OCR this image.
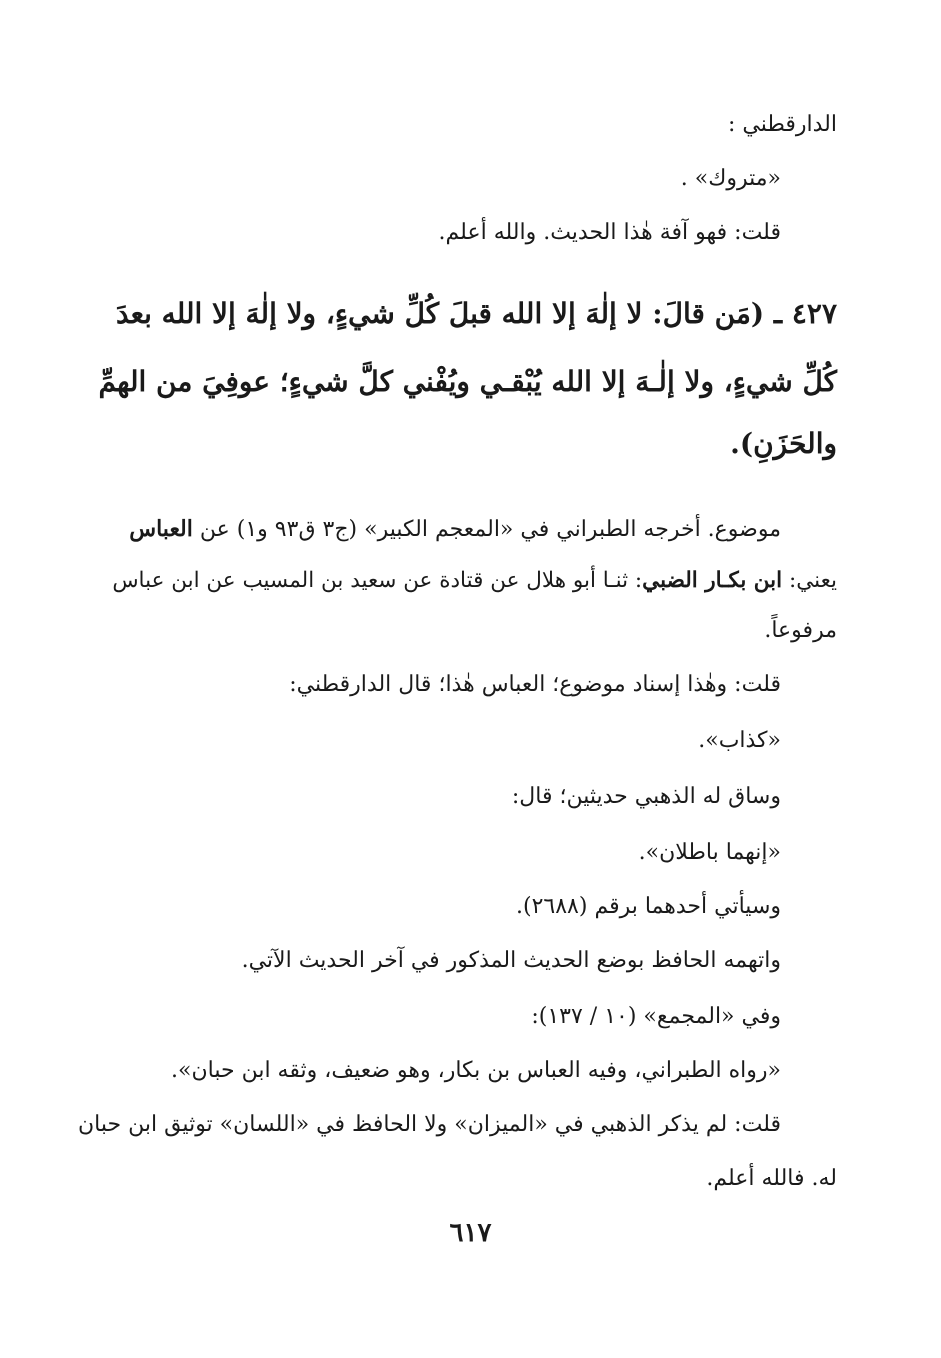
الدارقطني :
«متروك» .
قلت: فهو آفة هٰذا الحديث. والله أعلم.
٤٢٧ ـ (مَن قالَ: لا إلٰهَ إلا الله قبلَ كُلِّ شيءٍ، ولا إلٰهَ إلا الله بعدَ
كُلِّ شيءٍ، ولا إلٰـهَ إلا الله يُبْقـي ويُفْني كلَّ شيءٍ؛ عوفِيَ من الهمِّ
والحَزَنِ).
موضوع. أخرجه الطبراني في «المعجم الكبير» (ج٣ ق٩٣ و١) عن العباس
يعني: ابن بكـار الضبي: ثنـا أبو هلال عن قتادة عن سعيد بن المسيب عن ابن عباس
مرفوعاً.
قلت: وهٰذا إسناد موضوع؛ العباس هٰذا؛ قال الدارقطني:
«كذاب».
وساق له الذهبي حديثين؛ قال:
«إنهما باطلان».
وسيأتي أحدهما برقم (٢٦٨٨).
واتهمه الحافظ بوضع الحديث المذكور في آخر الحديث الآتي.
وفي «المجمع» (١٠ / ١٣٧):
«رواه الطبراني، وفيه العباس بن بكار، وهو ضعيف، وثقه ابن حبان».
قلت: لم يذكر الذهبي في «الميزان» ولا الحافظ في «اللسان» توثيق ابن حبان
له. فالله أعلم.
٦١٧
